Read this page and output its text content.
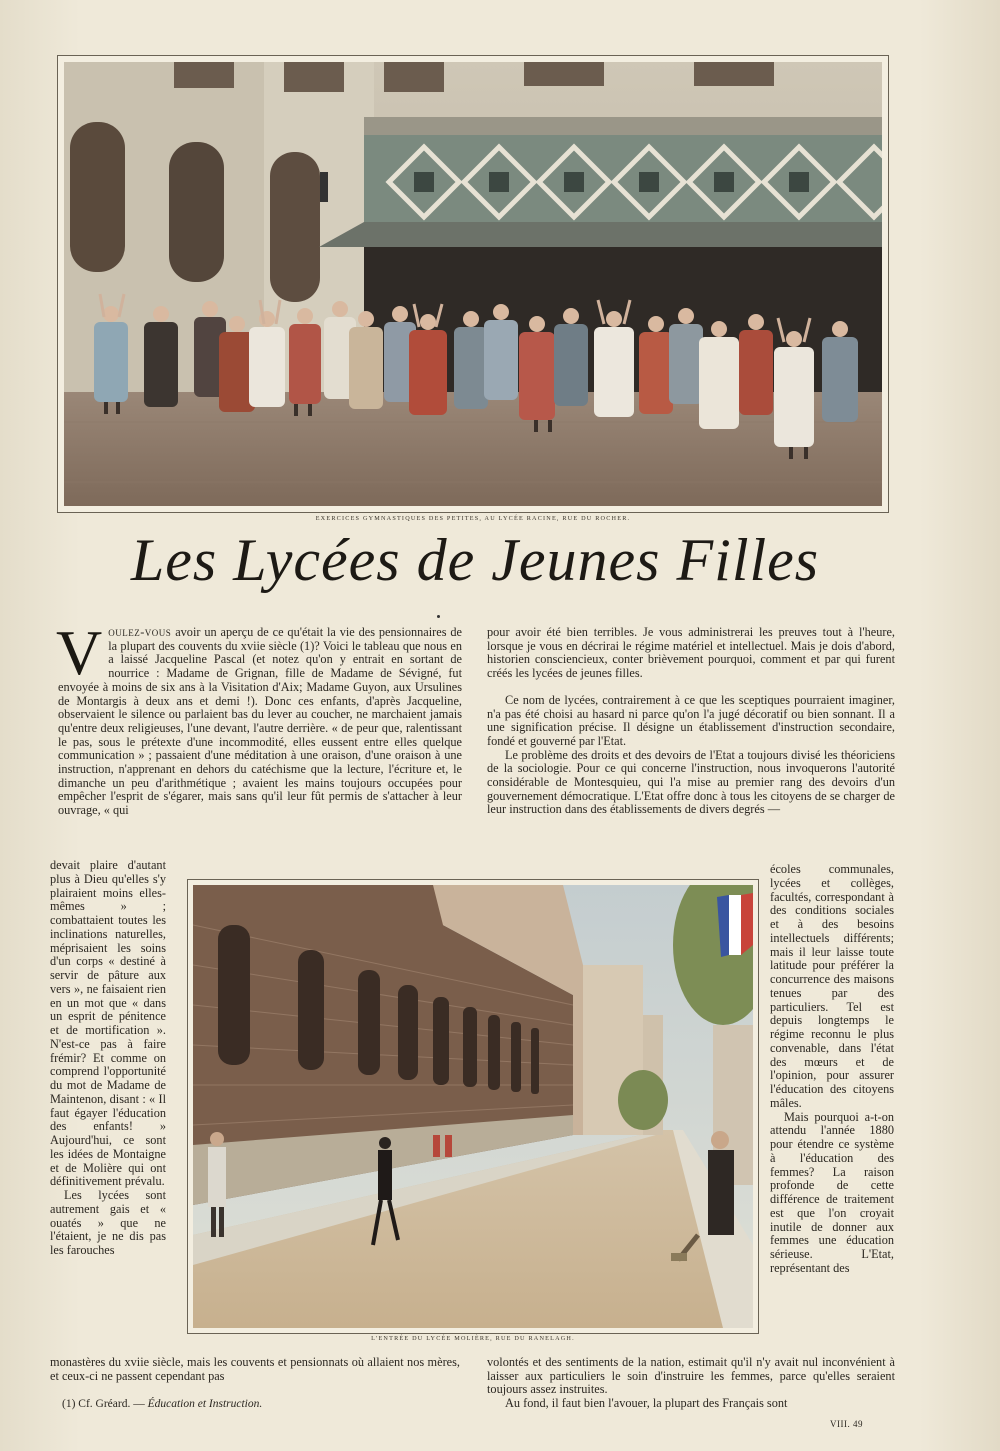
EXERCICES GYMNASTIQUES DES PETITES, AU LYCÉE RACINE, RUE DU ROCHER.
Les Lycées de Jeunes Filles

Voulez-vous avoir un aperçu de ce qu'était la vie des pensionnaires de la plupart des couvents du xviie siècle (1)? Voici le tableau que nous en a laissé Jacqueline Pascal (et notez qu'on y entrait en sortant de nourrice : Madame de Grignan, fille de Madame de Sévigné, fut envoyée à moins de six ans à la Visitation d'Aix; Madame Guyon, aux Ursulines de Montargis à deux ans et demi !). Donc ces enfants, d'après Jacqueline, observaient le silence ou parlaient bas du lever au coucher, ne marchaient jamais qu'entre deux religieuses, l'une devant, l'autre derrière. « de peur que, ralentissant le pas, sous le prétexte d'une incommodité, elles eussent entre elles quelque communication » ; passaient d'une méditation à une oraison, d'une oraison à une instruction, n'apprenant en dehors du catéchisme que la lecture, l'écriture et, le dimanche un peu d'arithmétique ; avaient les mains toujours occupées pour empêcher l'esprit de s'égarer, mais sans qu'il leur fût permis de s'attacher à leur ouvrage, « qui

devait plaire d'autant plus à Dieu qu'elles s'y plairaient moins elles-mêmes » ; combattaient toutes les inclinations naturelles, méprisaient les soins d'un corps « destiné à servir de pâture aux vers », ne faisaient rien en un mot que « dans un esprit de pénitence et de mortification ». N'est-ce pas à faire frémir? Et comme on comprend l'opportunité du mot de Madame de Maintenon, disant : « Il faut égayer l'éducation des enfants! » Aujourd'hui, ce sont les idées de Montaigne et de Molière qui ont définitivement prévalu.

Les lycées sont autrement gais et « ouatés » que ne l'étaient, je ne dis pas les farouches

monastères du xviie siècle, mais les couvents et pensionnats où allaient nos mères, et ceux-ci ne passent cependant pas

pour avoir été bien terribles. Je vous administrerai les preuves tout à l'heure, lorsque je vous en décrirai le régime matériel et intellectuel. Mais je dois d'abord, historien consciencieux, conter brièvement pourquoi, comment et par qui furent créés les lycées de jeunes filles.

Ce nom de lycées, contrairement à ce que les sceptiques pourraient imaginer, n'a pas été choisi au hasard ni parce qu'on l'a jugé décoratif ou bien sonnant. Il a une signification précise. Il désigne un établissement d'instruction secondaire, fondé et gouverné par l'Etat.

Le problème des droits et des devoirs de l'Etat a toujours divisé les théoriciens de la sociologie. Pour ce qui concerne l'instruction, nous invoquerons l'autorité considérable de Montesquieu, qui l'a mise au premier rang des devoirs d'un gouvernement démocratique. L'Etat offre donc à tous les citoyens de se charger de leur instruction dans des établissements de divers degrés —

écoles communales, lycées et collèges, facultés, correspondant à des conditions sociales et à des besoins intellectuels différents; mais il leur laisse toute latitude pour préférer la concurrence des maisons tenues par des particuliers. Tel est depuis longtemps le régime reconnu le plus convenable, dans l'état des mœurs et de l'opinion, pour assurer l'éducation des citoyens mâles.

Mais pourquoi a-t-on attendu l'année 1880 pour étendre ce système à l'éducation des femmes? La raison profonde de cette différence de traitement est que l'on croyait inutile de donner aux femmes une éducation sérieuse. L'Etat, représentant des

volontés et des sentiments de la nation, estimait qu'il n'y avait nul inconvénient à laisser aux particuliers le soin d'instruire les femmes, parce qu'elles seraient toujours assez instruites.

Au fond, il faut bien l'avouer, la plupart des Français sont

L'ENTRÉE DU LYCÉE MOLIÈRE, RUE DU RANELAGH.
(1) Cf. Gréard. — Éducation et Instruction.
VIII. 49
